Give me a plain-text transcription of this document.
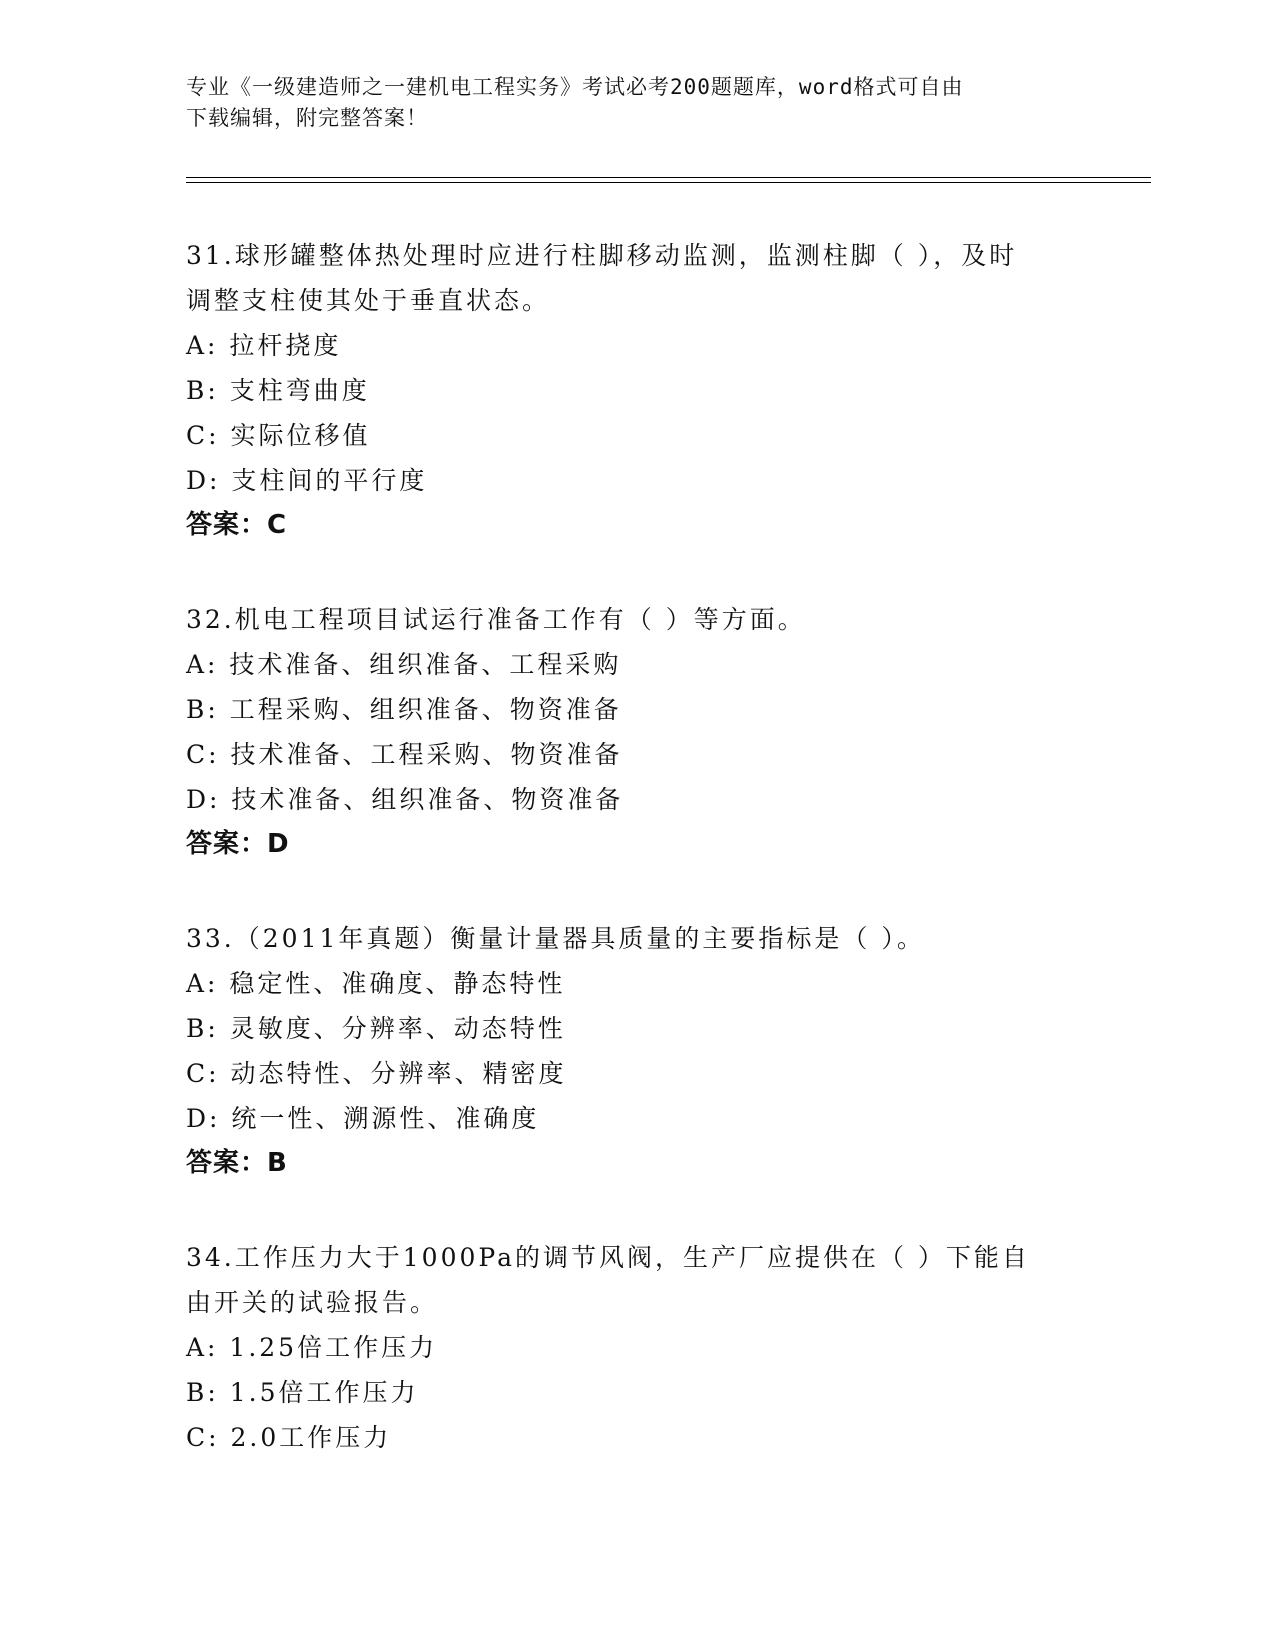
专业《一级建造师之一建机电工程实务》考试必考200题题库，word格式可自由
下载编辑，附完整答案！

31.球形罐整体热处理时应进行柱脚移动监测，监测柱脚（ ），及时

调整支柱使其处于垂直状态。

A: 拉杆挠度

B: 支柱弯曲度

C: 实际位移值

D: 支柱间的平行度

答案：C

32.机电工程项目试运行准备工作有（ ）等方面。

A: 技术准备、组织准备、工程采购

B: 工程采购、组织准备、物资准备

C: 技术准备、工程采购、物资准备

D: 技术准备、组织准备、物资准备

答案：D

33.（2011年真题）衡量计量器具质量的主要指标是（ ）。

A: 稳定性、准确度、静态特性

B: 灵敏度、分辨率、动态特性

C: 动态特性、分辨率、精密度

D: 统一性、溯源性、准确度

答案：B

34.工作压力大于1000Pa的调节风阀，生产厂应提供在（ ）下能自

由开关的试验报告。

A: 1.25倍工作压力

B: 1.5倍工作压力

C: 2.0工作压力
